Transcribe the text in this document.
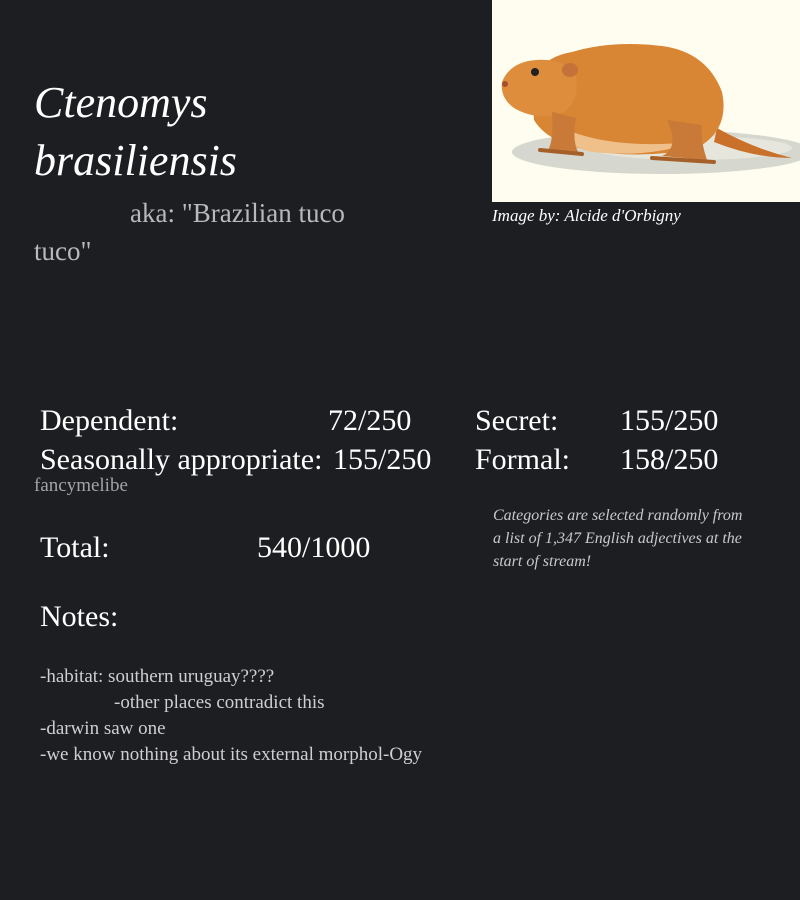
Ctenomys
brasiliensis
aka: "Brazilian tuco tuco"
Image by: Alcide d'Orbigny
Dependent:	72/250
Seasonally appropriate: 155/250
Secret: 155/250
Formal: 158/250
fancymelibe
Total:	540/1000
Categories are selected randomly from a list of 1,347 English adjectives at the start of stream!
Notes:
-habitat: southern uruguay????
-other places contradict this
-darwin saw one
-we know nothing about its external morphol-Ogy
